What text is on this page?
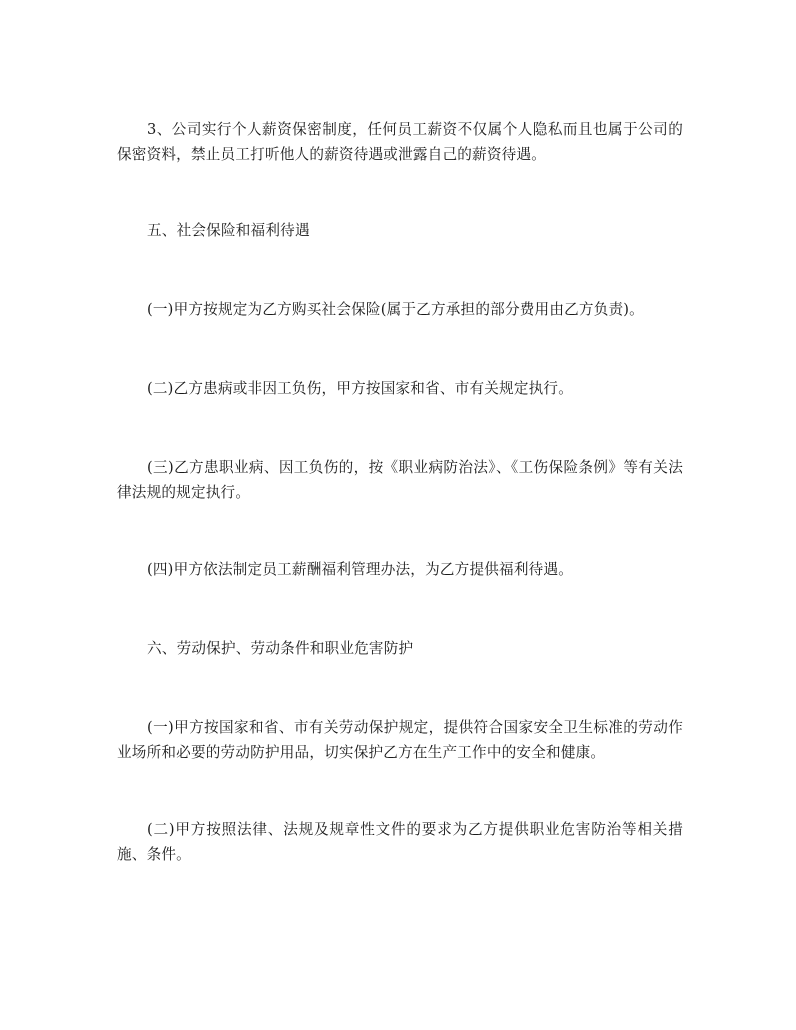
3、公司实行个人薪资保密制度，任何员工薪资不仅属个人隐私而且也属于公司的保密资料，禁止员工打听他人的薪资待遇或泄露自己的薪资待遇。

五、社会保险和福利待遇

(一)甲方按规定为乙方购买社会保险(属于乙方承担的部分费用由乙方负责)。

(二)乙方患病或非因工负伤，甲方按国家和省、市有关规定执行。

(三)乙方患职业病、因工负伤的，按《职业病防治法》、《工伤保险条例》等有关法律法规的规定执行。

(四)甲方依法制定员工薪酬福利管理办法，为乙方提供福利待遇。

六、劳动保护、劳动条件和职业危害防护

(一)甲方按国家和省、市有关劳动保护规定，提供符合国家安全卫生标准的劳动作业场所和必要的劳动防护用品，切实保护乙方在生产工作中的安全和健康。

(二)甲方按照法律、法规及规章性文件的要求为乙方提供职业危害防治等相关措施、条件。
